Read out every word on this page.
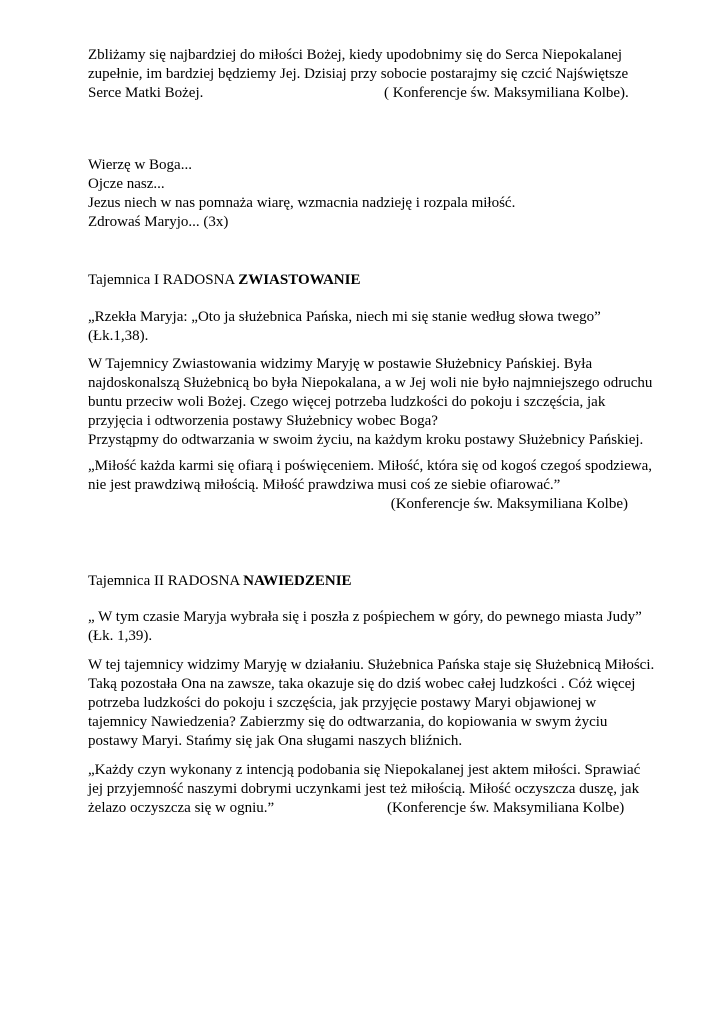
Zbliżamy się najbardziej do miłości Bożej, kiedy upodobnimy się do Serca Niepokalanej
zupełnie, im bardziej będziemy Jej. Dzisiaj przy sobocie postarajmy się czcić Najświętsze
Serce Matki Bożej.	( Konferencje św. Maksymiliana Kolbe).
Wierzę w Boga...
Ojcze nasz...
Jezus niech w nas pomnaża wiarę, wzmacnia nadzieję i rozpala miłość.
Zdrowaś Maryjo... (3x)
Tajemnica I RADOSNA ZWIASTOWANIE
„Rzekła Maryja: „Oto ja służebnica Pańska, niech mi się stanie według słowa twego”
(Łk.1,38).
W Tajemnicy Zwiastowania widzimy Maryję w postawie Służebnicy Pańskiej. Była
najdoskonalszą Służebnicą bo była Niepokalana, a w Jej woli nie było najmniejszego odruchu
buntu przeciw woli Bożej. Czego więcej potrzeba ludzkości do pokoju i szczęścia, jak
przyjęcia i odtworzenia postawy Służebnicy wobec Boga?
Przystąpmy do odtwarzania w swoim życiu, na każdym kroku postawy Służebnicy Pańskiej.
„Miłość każda karmi się ofiarą i poświęceniem. Miłość, która się od kogoś czegoś spodziewa,
nie jest prawdziwą miłością. Miłość prawdziwa musi coś ze siebie ofiarować.”
(Konferencje św. Maksymiliana Kolbe)
Tajemnica II RADOSNA NAWIEDZENIE
„ W tym czasie Maryja wybrała się i poszła z pośpiechem w góry, do pewnego miasta Judy”
(Łk. 1,39).
W tej tajemnicy widzimy Maryję w działaniu. Służebnica Pańska staje się Służebnicą Miłości.
Taką pozostała Ona na zawsze, taka okazuje się do dziś wobec całej ludzkości . Cóż więcej
potrzeba ludzkości do pokoju i szczęścia, jak przyjęcie postawy Maryi objawionej w
tajemnicy Nawiedzenia? Zabierzmy się do odtwarzania, do kopiowania w swym życiu
postawy Maryi. Stańmy się jak Ona sługami naszych bliźnich.
„Każdy czyn wykonany z intencją podobania się Niepokalanej jest aktem miłości. Sprawiać
jej przyjemność naszymi dobrymi uczynkami jest też miłością. Miłość oczyszcza duszę, jak
żelazo oczyszcza się w ogniu.”	(Konferencje św. Maksymiliana Kolbe)
